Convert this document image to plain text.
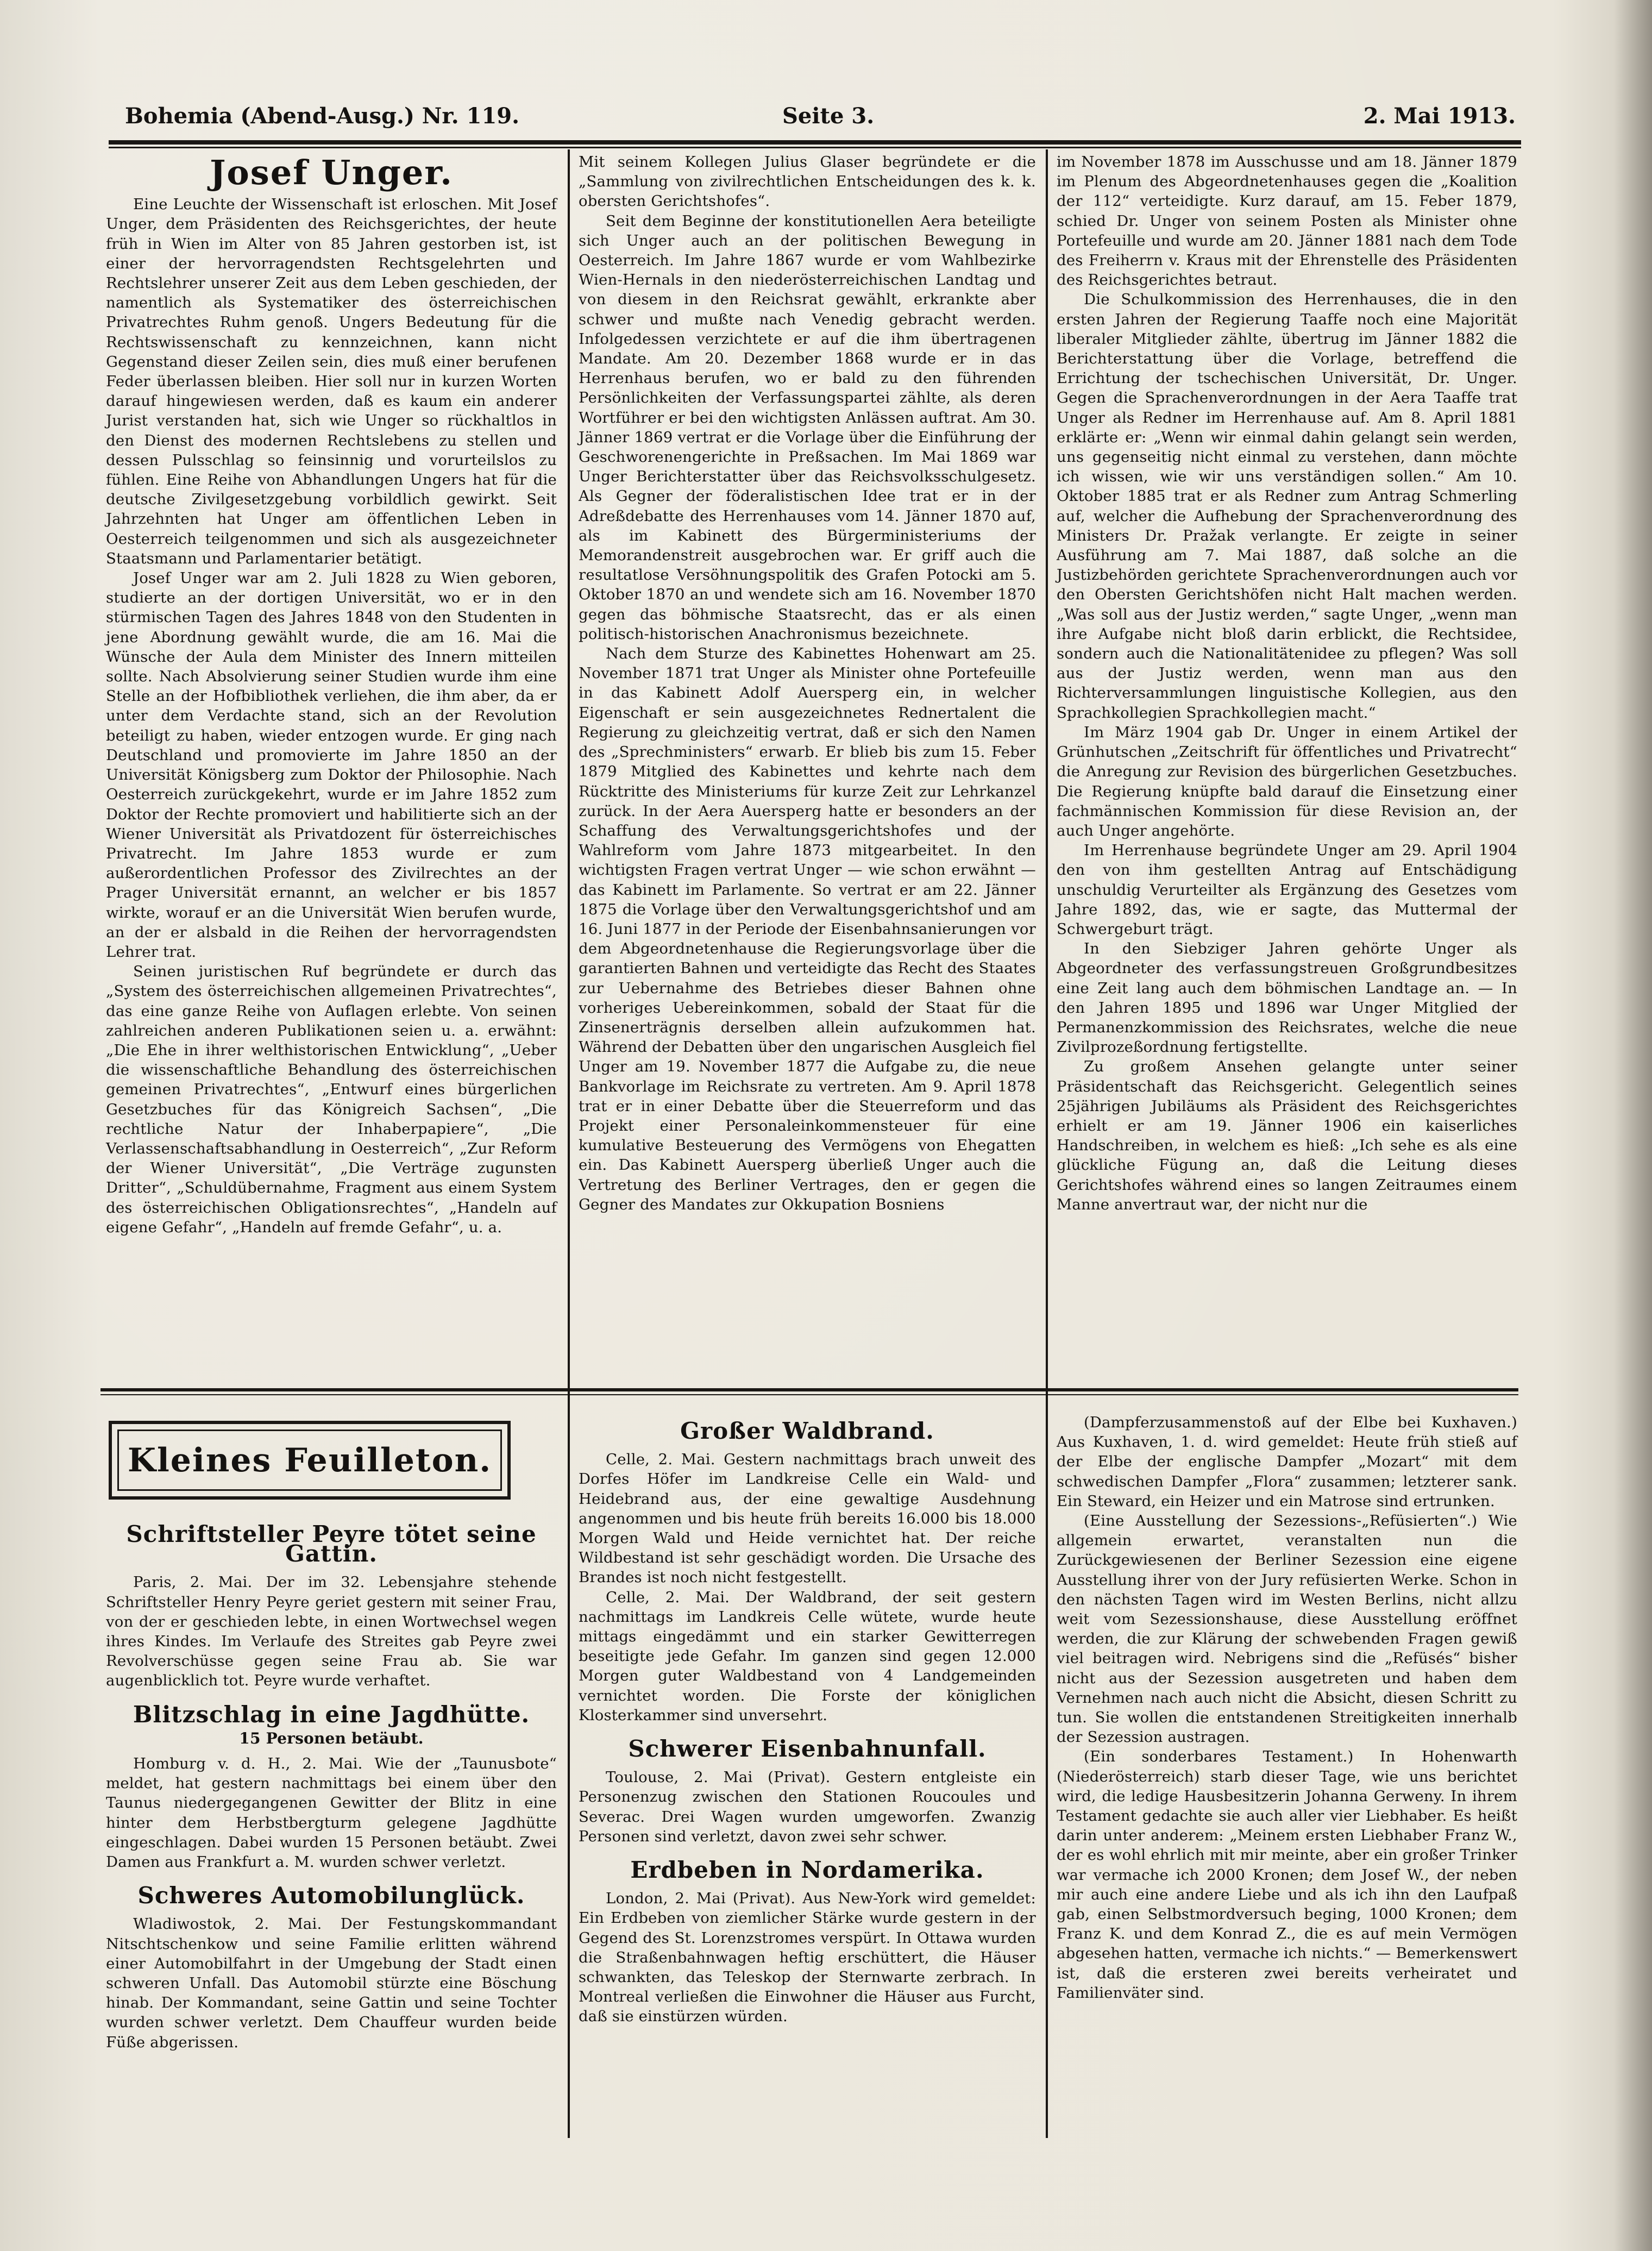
Bohemia (Abend-Ausg.) Nr. 119.	Seite 3.	2. Mai 1913.
Josef Unger.

Eine Leuchte der Wissenschaft ist erloschen. Mit Josef Unger, dem Präsidenten des Reichsgerichtes, der heute früh in Wien im Alter von 85 Jahren gestorben ist, ist einer der hervorragendsten Rechtsgelehrten und Rechtslehrer unserer Zeit aus dem Leben geschieden, der namentlich als Systematiker des österreichischen Privatrechtes Ruhm genoß. Ungers Bedeutung für die Rechtswissenschaft zu kennzeichnen, kann nicht Gegenstand dieser Zeilen sein, dies muß einer berufenen Feder überlassen bleiben. Hier soll nur in kurzen Worten darauf hingewiesen werden, daß es kaum ein anderer Jurist verstanden hat, sich wie Unger so rückhaltlos in den Dienst des modernen Rechtslebens zu stellen und dessen Pulsschlag so feinsinnig und vorurteilslos zu fühlen. Eine Reihe von Abhandlungen Ungers hat für die deutsche Zivilgesetzgebung vorbildlich gewirkt. Seit Jahrzehnten hat Unger am öffentlichen Leben in Oesterreich teilgenommen und sich als ausgezeichneter Staatsmann und Parlamentarier betätigt.

Josef Unger war am 2. Juli 1828 zu Wien geboren, studierte an der dortigen Universität, wo er in den stürmischen Tagen des Jahres 1848 von den Studenten in jene Abordnung gewählt wurde, die am 16. Mai die Wünsche der Aula dem Minister des Innern mitteilen sollte. Nach Absolvierung seiner Studien wurde ihm eine Stelle an der Hofbibliothek verliehen, die ihm aber, da er unter dem Verdachte stand, sich an der Revolution beteiligt zu haben, wieder entzogen wurde. Er ging nach Deutschland und promovierte im Jahre 1850 an der Universität Königsberg zum Doktor der Philosophie. Nach Oesterreich zurückgekehrt, wurde er im Jahre 1852 zum Doktor der Rechte promoviert und habilitierte sich an der Wiener Universität als Privatdozent für österreichisches Privatrecht. Im Jahre 1853 wurde er zum außerordentlichen Professor des Zivilrechtes an der Prager Universität ernannt, an welcher er bis 1857 wirkte, worauf er an die Universität Wien berufen wurde, an der er alsbald in die Reihen der hervorragendsten Lehrer trat.

Seinen juristischen Ruf begründete er durch das „System des österreichischen allgemeinen Privatrechtes“, das eine ganze Reihe von Auflagen erlebte. Von seinen zahlreichen anderen Publikationen seien u. a. erwähnt: „Die Ehe in ihrer welthistorischen Entwicklung“, „Ueber die wissenschaftliche Behandlung des österreichischen gemeinen Privatrechtes“, „Entwurf eines bürgerlichen Gesetzbuches für das Königreich Sachsen“, „Die rechtliche Natur der Inhaberpapiere“, „Die Verlassenschaftsabhandlung in Oesterreich“, „Zur Reform der Wiener Universität“, „Die Verträge zugunsten Dritter“, „Schuldübernahme, Fragment aus einem System des österreichischen Obligationsrechtes“, „Handeln auf eigene Gefahr“, „Handeln auf fremde Gefahr“, u. a.

Mit seinem Kollegen Julius Glaser begründete er die „Sammlung von zivilrechtlichen Entscheidungen des k. k. obersten Gerichtshofes“.

Seit dem Beginne der konstitutionellen Aera beteiligte sich Unger auch an der politischen Bewegung in Oesterreich. Im Jahre 1867 wurde er vom Wahlbezirke Wien-Hernals in den niederösterreichischen Landtag und von diesem in den Reichsrat gewählt, erkrankte aber schwer und mußte nach Venedig gebracht werden. Infolgedessen verzichtete er auf die ihm übertragenen Mandate. Am 20. Dezember 1868 wurde er in das Herrenhaus berufen, wo er bald zu den führenden Persönlichkeiten der Verfassungspartei zählte, als deren Wortführer er bei den wichtigsten Anlässen auftrat. Am 30. Jänner 1869 vertrat er die Vorlage über die Einführung der Geschworenengerichte in Preßsachen. Im Mai 1869 war Unger Berichterstatter über das Reichsvolksschulgesetz. Als Gegner der föderalistischen Idee trat er in der Adreßdebatte des Herrenhauses vom 14. Jänner 1870 auf, als im Kabinett des Bürgerministeriums der Memorandenstreit ausgebrochen war. Er griff auch die resultatlose Versöhnungspolitik des Grafen Potocki am 5. Oktober 1870 an und wendete sich am 16. November 1870 gegen das böhmische Staatsrecht, das er als einen politisch-historischen Anachronismus bezeichnete.

Nach dem Sturze des Kabinettes Hohenwart am 25. November 1871 trat Unger als Minister ohne Portefeuille in das Kabinett Adolf Auersperg ein, in welcher Eigenschaft er sein ausgezeichnetes Rednertalent die Regierung zu gleichzeitig vertrat, daß er sich den Namen des „Sprechministers“ erwarb. Er blieb bis zum 15. Feber 1879 Mitglied des Kabinettes und kehrte nach dem Rücktritte des Ministeriums für kurze Zeit zur Lehrkanzel zurück. In der Aera Auersperg hatte er besonders an der Schaffung des Verwaltungsgerichtshofes und der Wahlreform vom Jahre 1873 mitgearbeitet. In den wichtigsten Fragen vertrat Unger — wie schon erwähnt — das Kabinett im Parlamente. So vertrat er am 22. Jänner 1875 die Vorlage über den Verwaltungsgerichtshof und am 16. Juni 1877 in der Periode der Eisenbahnsanierungen vor dem Abgeordnetenhause die Regierungsvorlage über die garantierten Bahnen und verteidigte das Recht des Staates zur Uebernahme des Betriebes dieser Bahnen ohne vorheriges Uebereinkommen, sobald der Staat für die Zinsenerträgnis derselben allein aufzukommen hat. Während der Debatten über den ungarischen Ausgleich fiel Unger am 19. November 1877 die Aufgabe zu, die neue Bankvorlage im Reichsrate zu vertreten. Am 9. April 1878 trat er in einer Debatte über die Steuerreform und das Projekt einer Personaleinkommensteuer für eine kumulative Besteuerung des Vermögens von Ehegatten ein. Das Kabinett Auersperg überließ Unger auch die Vertretung des Berliner Vertrages, den er gegen die Gegner des Mandates zur Okkupation Bosniens

im November 1878 im Ausschusse und am 18. Jänner 1879 im Plenum des Abgeordnetenhauses gegen die „Koalition der 112“ verteidigte. Kurz darauf, am 15. Feber 1879, schied Dr. Unger von seinem Posten als Minister ohne Portefeuille und wurde am 20. Jänner 1881 nach dem Tode des Freiherrn v. Kraus mit der Ehrenstelle des Präsidenten des Reichsgerichtes betraut.

Die Schulkommission des Herrenhauses, die in den ersten Jahren der Regierung Taaffe noch eine Majorität liberaler Mitglieder zählte, übertrug im Jänner 1882 die Berichterstattung über die Vorlage, betreffend die Errichtung der tschechischen Universität, Dr. Unger. Gegen die Sprachenverordnungen in der Aera Taaffe trat Unger als Redner im Herrenhause auf. Am 8. April 1881 erklärte er: „Wenn wir einmal dahin gelangt sein werden, uns gegenseitig nicht einmal zu verstehen, dann möchte ich wissen, wie wir uns verständigen sollen.“ Am 10. Oktober 1885 trat er als Redner zum Antrag Schmerling auf, welcher die Aufhebung der Sprachenverordnung des Ministers Dr. Pražak verlangte. Er zeigte in seiner Ausführung am 7. Mai 1887, daß solche an die Justizbehörden gerichtete Sprachenverordnungen auch vor den Obersten Gerichtshöfen nicht Halt machen werden. „Was soll aus der Justiz werden,“ sagte Unger, „wenn man ihre Aufgabe nicht bloß darin erblickt, die Rechtsidee, sondern auch die Nationalitätenidee zu pflegen? Was soll aus der Justiz werden, wenn man aus den Richterversammlungen linguistische Kollegien, aus den Sprachkollegien Sprachkollegien macht.“

Im März 1904 gab Dr. Unger in einem Artikel der Grünhutschen „Zeitschrift für öffentliches und Privatrecht“ die Anregung zur Revision des bürgerlichen Gesetzbuches. Die Regierung knüpfte bald darauf die Einsetzung einer fachmännischen Kommission für diese Revision an, der auch Unger angehörte.

Im Herrenhause begründete Unger am 29. April 1904 den von ihm gestellten Antrag auf Entschädigung unschuldig Verurteilter als Ergänzung des Gesetzes vom Jahre 1892, das, wie er sagte, das Muttermal der Schwergeburt trägt.

In den Siebziger Jahren gehörte Unger als Abgeordneter des verfassungstreuen Großgrundbesitzes eine Zeit lang auch dem böhmischen Landtage an. — In den Jahren 1895 und 1896 war Unger Mitglied der Permanenzkommission des Reichsrates, welche die neue Zivilprozeßordnung fertigstellte.

Zu großem Ansehen gelangte unter seiner Präsidentschaft das Reichsgericht. Gelegentlich seines 25jährigen Jubiläums als Präsident des Reichsgerichtes erhielt er am 19. Jänner 1906 ein kaiserliches Handschreiben, in welchem es hieß: „Ich sehe es als eine glückliche Fügung an, daß die Leitung dieses Gerichtshofes während eines so langen Zeitraumes einem Manne anvertraut war, der nicht nur die

Kleines Feuilleton.
Schriftsteller Peyre tötet seine Gattin.

Paris, 2. Mai. Der im 32. Lebensjahre stehende Schriftsteller Henry Peyre geriet gestern mit seiner Frau, von der er geschieden lebte, in einen Wortwechsel wegen ihres Kindes. Im Verlaufe des Streites gab Peyre zwei Revolverschüsse gegen seine Frau ab. Sie war augenblicklich tot. Peyre wurde verhaftet.

Blitzschlag in eine Jagdhütte.
15 Personen betäubt.

Homburg v. d. H., 2. Mai. Wie der „Taunusbote“ meldet, hat gestern nachmittags bei einem über den Taunus niedergegangenen Gewitter der Blitz in eine hinter dem Herbstbergturm gelegene Jagdhütte eingeschlagen. Dabei wurden 15 Personen betäubt. Zwei Damen aus Frankfurt a. M. wurden schwer verletzt.

Schweres Automobilunglück.

Wladiwostok, 2. Mai. Der Festungskommandant Nitschtschenkow und seine Familie erlitten während einer Automobilfahrt in der Umgebung der Stadt einen schweren Unfall. Das Automobil stürzte eine Böschung hinab. Der Kommandant, seine Gattin und seine Tochter wurden schwer verletzt. Dem Chauffeur wurden beide Füße abgerissen.

Großer Waldbrand.

Celle, 2. Mai. Gestern nachmittags brach unweit des Dorfes Höfer im Landkreise Celle ein Wald- und Heidebrand aus, der eine gewaltige Ausdehnung angenommen und bis heute früh bereits 16.000 bis 18.000 Morgen Wald und Heide vernichtet hat. Der reiche Wildbestand ist sehr geschädigt worden. Die Ursache des Brandes ist noch nicht festgestellt.

Celle, 2. Mai. Der Waldbrand, der seit gestern nachmittags im Landkreis Celle wütete, wurde heute mittags eingedämmt und ein starker Gewitterregen beseitigte jede Gefahr. Im ganzen sind gegen 12.000 Morgen guter Waldbestand von 4 Landgemeinden vernichtet worden. Die Forste der königlichen Klosterkammer sind unversehrt.

Schwerer Eisenbahnunfall.

Toulouse, 2. Mai (Privat). Gestern entgleiste ein Personenzug zwischen den Stationen Roucoules und Severac. Drei Wagen wurden umgeworfen. Zwanzig Personen sind verletzt, davon zwei sehr schwer.

Erdbeben in Nordamerika.

London, 2. Mai (Privat). Aus New-York wird gemeldet: Ein Erdbeben von ziemlicher Stärke wurde gestern in der Gegend des St. Lorenzstromes verspürt. In Ottawa wurden die Straßenbahnwagen heftig erschüttert, die Häuser schwankten, das Teleskop der Sternwarte zerbrach. In Montreal verließen die Einwohner die Häuser aus Furcht, daß sie einstürzen würden.

(Dampferzusammenstoß auf der Elbe bei Kuxhaven.) Aus Kuxhaven, 1. d. wird gemeldet: Heute früh stieß auf der Elbe der englische Dampfer „Mozart“ mit dem schwedischen Dampfer „Flora“ zusammen; letzterer sank. Ein Steward, ein Heizer und ein Matrose sind ertrunken.

(Eine Ausstellung der Sezessions-„Refüsierten“.) Wie allgemein erwartet, veranstalten nun die Zurückgewiesenen der Berliner Sezession eine eigene Ausstellung ihrer von der Jury refüsierten Werke. Schon in den nächsten Tagen wird im Westen Berlins, nicht allzu weit vom Sezessionshause, diese Ausstellung eröffnet werden, die zur Klärung der schwebenden Fragen gewiß viel beitragen wird. Nebrigens sind die „Refüsés“ bisher nicht aus der Sezession ausgetreten und haben dem Vernehmen nach auch nicht die Absicht, diesen Schritt zu tun. Sie wollen die entstandenen Streitigkeiten innerhalb der Sezession austragen.

(Ein sonderbares Testament.) In Hohenwarth (Niederösterreich) starb dieser Tage, wie uns berichtet wird, die ledige Hausbesitzerin Johanna Gerweny. In ihrem Testament gedachte sie auch aller vier Liebhaber. Es heißt darin unter anderem: „Meinem ersten Liebhaber Franz W., der es wohl ehrlich mit mir meinte, aber ein großer Trinker war vermache ich 2000 Kronen; dem Josef W., der neben mir auch eine andere Liebe und als ich ihn den Laufpaß gab, einen Selbstmordversuch beging, 1000 Kronen; dem Franz K. und dem Konrad Z., die es auf mein Vermögen abgesehen hatten, vermache ich nichts.“ — Bemerkenswert ist, daß die ersteren zwei bereits verheiratet und Familienväter sind.
